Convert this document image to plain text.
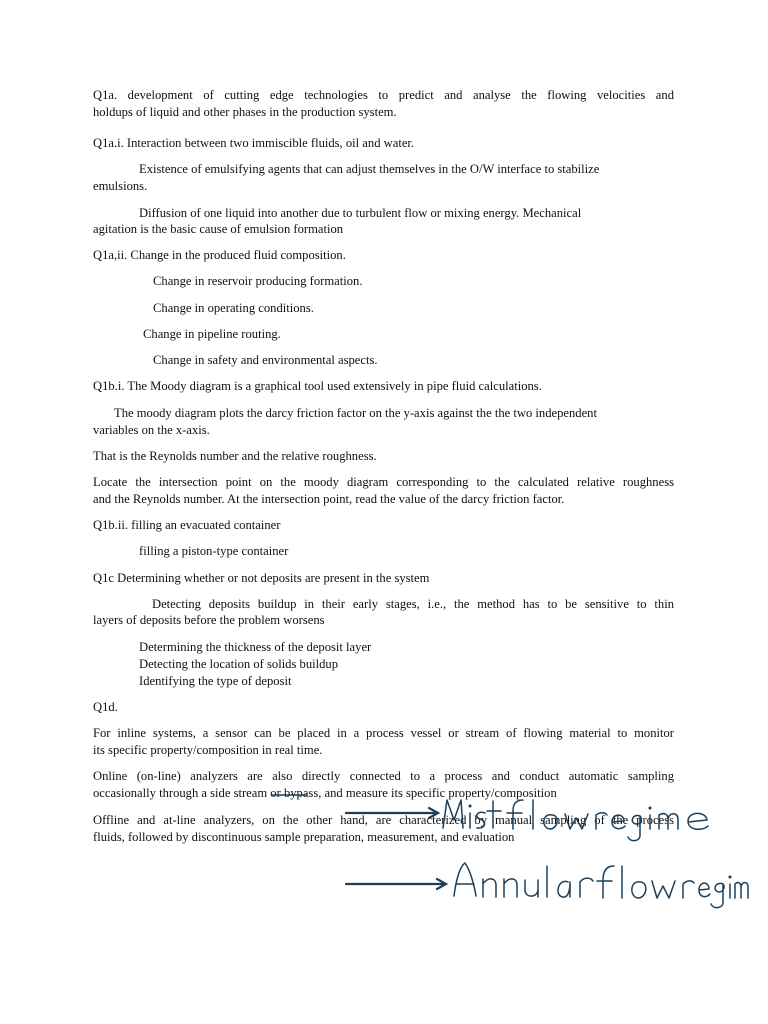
Q1a. development of cutting edge technologies to predict and analyse the flowing velocities and
holdups of liquid and other phases in the production system.
Q1a.i. Interaction between two immiscible fluids, oil and water.
Existence of emulsifying agents that can adjust themselves in the O/W interface to stabilize
emulsions.
Diffusion of one liquid into another due to turbulent flow or mixing energy. Mechanical
agitation is the basic cause of emulsion formation
Q1a,ii. Change in the produced fluid composition.
Change in reservoir producing formation.
Change in operating conditions.
Change in pipeline routing.
Change in safety and environmental aspects.
Q1b.i. The Moody diagram is a graphical tool used extensively in pipe fluid calculations.
The moody diagram plots the darcy friction factor on the y-axis against the the two independent
variables on the x-axis.
That is the Reynolds number and the relative roughness.
Locate the intersection point on the moody diagram corresponding to the calculated relative roughness
and the Reynolds number. At the intersection point, read the value of the darcy friction factor.
Q1b.ii. filling an evacuated container
filling a piston-type container
Q1c Determining whether or not deposits are present in the system
Detecting deposits buildup in their early stages, i.e., the method has to be sensitive to thin
layers of deposits before the problem worsens
Determining the thickness of the deposit layer
Detecting the location of solids buildup
Identifying the type of deposit
Q1d.
For inline systems, a sensor can be placed in a process vessel or stream of flowing material to monitor
its specific property/composition in real time.
Online (on-line) analyzers are also directly connected to a process and conduct automatic sampling
occasionally through a side stream or bypass, and measure its specific property/composition
Offline and at-line analyzers, on the other hand, are characterized by manual sampling of the process
fluids, followed by discontinuous sample preparation, measurement, and evaluation
